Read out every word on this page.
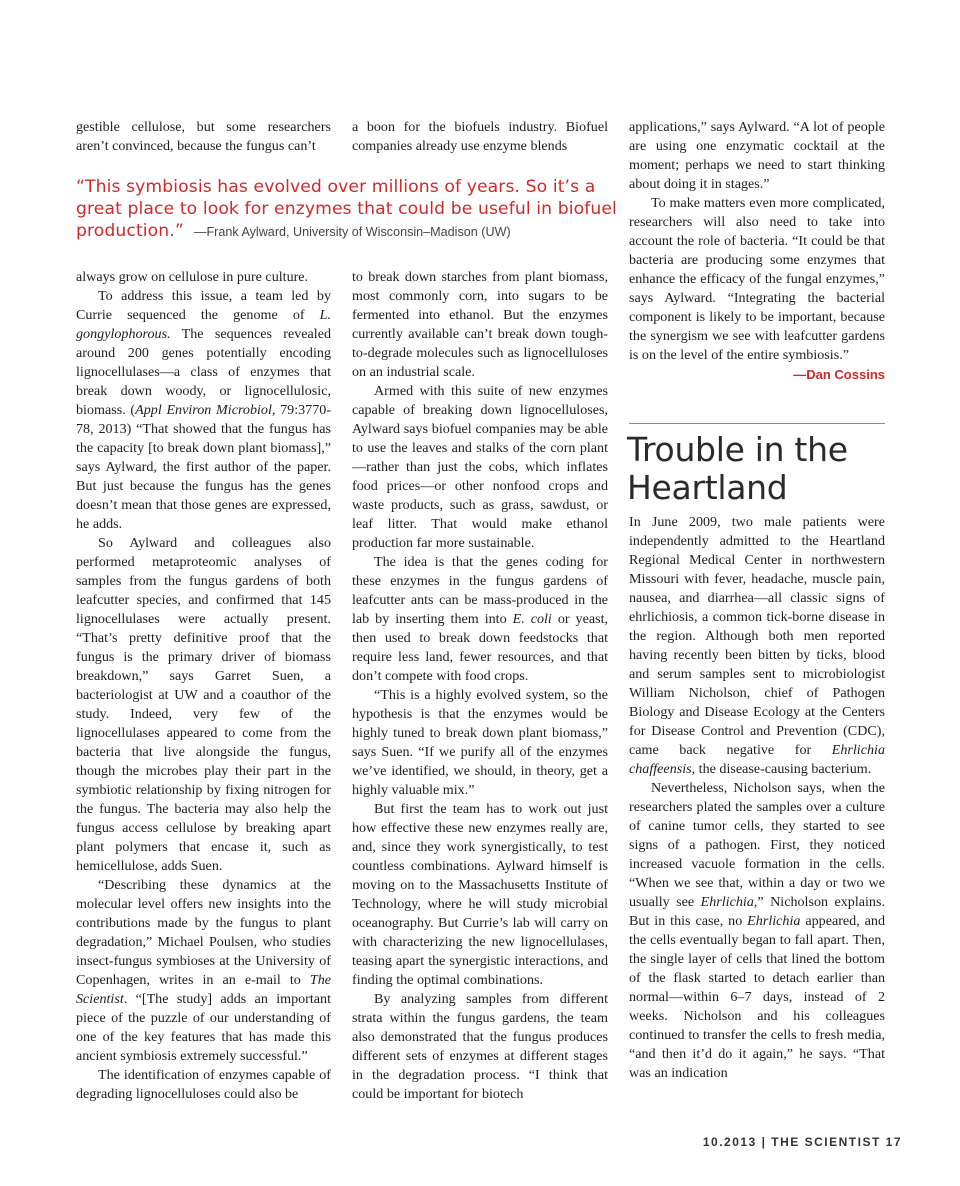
gestible cellulose, but some researchers aren’t convinced, because the fungus can’t

a boon for the biofuels industry. Biofuel companies already use enzyme blends

“This symbiosis has evolved over millions of years. So it’s a great place to look for enzymes that could be useful in biofuel production.” —Frank Aylward, University of Wisconsin–Madison (UW)

always grow on cellulose in pure culture.

To address this issue, a team led by Currie sequenced the genome of L. gongylophorous. The sequences revealed around 200 genes potentially encoding lignocellulases—a class of enzymes that break down woody, or lignocellulosic, biomass. (Appl Environ Microbiol, 79:3770-78, 2013) “That showed that the fungus has the capacity [to break down plant biomass],” says Aylward, the first author of the paper. But just because the fungus has the genes doesn’t mean that those genes are expressed, he adds.

So Aylward and colleagues also performed metaproteomic analyses of samples from the fungus gardens of both leafcutter species, and confirmed that 145 lignocellulases were actually present. “That’s pretty definitive proof that the fungus is the primary driver of biomass breakdown,” says Garret Suen, a bacteriologist at UW and a coauthor of the study. Indeed, very few of the lignocellulases appeared to come from the bacteria that live alongside the fungus, though the microbes play their part in the symbiotic relationship by fixing nitrogen for the fungus. The bacteria may also help the fungus access cellulose by breaking apart plant polymers that encase it, such as hemicellulose, adds Suen.

“Describing these dynamics at the molecular level offers new insights into the contributions made by the fungus to plant degradation,” Michael Poulsen, who studies insect-fungus symbioses at the University of Copenhagen, writes in an e-mail to The Scientist. “[The study] adds an important piece of the puzzle of our understanding of one of the key features that has made this ancient symbiosis extremely successful.”

The identification of enzymes capable of degrading lignocelluloses could also be

to break down starches from plant biomass, most commonly corn, into sugars to be fermented into ethanol. But the enzymes currently available can’t break down tough-to-degrade molecules such as lignocelluloses on an industrial scale.

Armed with this suite of new enzymes capable of breaking down lignocelluloses, Aylward says biofuel companies may be able to use the leaves and stalks of the corn plant—rather than just the cobs, which inflates food prices—or other nonfood crops and waste products, such as grass, sawdust, or leaf litter. That would make ethanol production far more sustainable.

The idea is that the genes coding for these enzymes in the fungus gardens of leafcutter ants can be mass-produced in the lab by inserting them into E. coli or yeast, then used to break down feedstocks that require less land, fewer resources, and that don’t compete with food crops.

“This is a highly evolved system, so the hypothesis is that the enzymes would be highly tuned to break down plant biomass,” says Suen. “If we purify all of the enzymes we’ve identified, we should, in theory, get a highly valuable mix.”

But first the team has to work out just how effective these new enzymes really are, and, since they work synergistically, to test countless combinations. Aylward himself is moving on to the Massachusetts Institute of Technology, where he will study microbial oceanography. But Currie’s lab will carry on with characterizing the new lignocellulases, teasing apart the synergistic interactions, and finding the optimal combinations.

By analyzing samples from different strata within the fungus gardens, the team also demonstrated that the fungus produces different sets of enzymes at different stages in the degradation process. “I think that could be important for biotech

applications,” says Aylward. “A lot of people are using one enzymatic cocktail at the moment; perhaps we need to start thinking about doing it in stages.”

To make matters even more complicated, researchers will also need to take into account the role of bacteria. “It could be that bacteria are producing some enzymes that enhance the efficacy of the fungal enzymes,” says Aylward. “Integrating the bacterial component is likely to be important, because the synergism we see with leafcutter gardens is on the level of the entire symbiosis.”

—Dan Cossins
Trouble in the Heartland

In June 2009, two male patients were independently admitted to the Heartland Regional Medical Center in northwestern Missouri with fever, headache, muscle pain, nausea, and diarrhea—all classic signs of ehrlichiosis, a common tick-borne disease in the region. Although both men reported having recently been bitten by ticks, blood and serum samples sent to microbiologist William Nicholson, chief of Pathogen Biology and Disease Ecology at the Centers for Disease Control and Prevention (CDC), came back negative for Ehrlichia chaffeensis, the disease-causing bacterium.

Nevertheless, Nicholson says, when the researchers plated the samples over a culture of canine tumor cells, they started to see signs of a pathogen. First, they noticed increased vacuole formation in the cells. “When we see that, within a day or two we usually see Ehrlichia,” Nicholson explains. But in this case, no Ehrlichia appeared, and the cells eventually began to fall apart. Then, the single layer of cells that lined the bottom of the flask started to detach earlier than normal—within 6–7 days, instead of 2 weeks. Nicholson and his colleagues continued to transfer the cells to fresh media, “and then it’d do it again,” he says. “That was an indication

10.2013 | THE SCIENTIST 17
